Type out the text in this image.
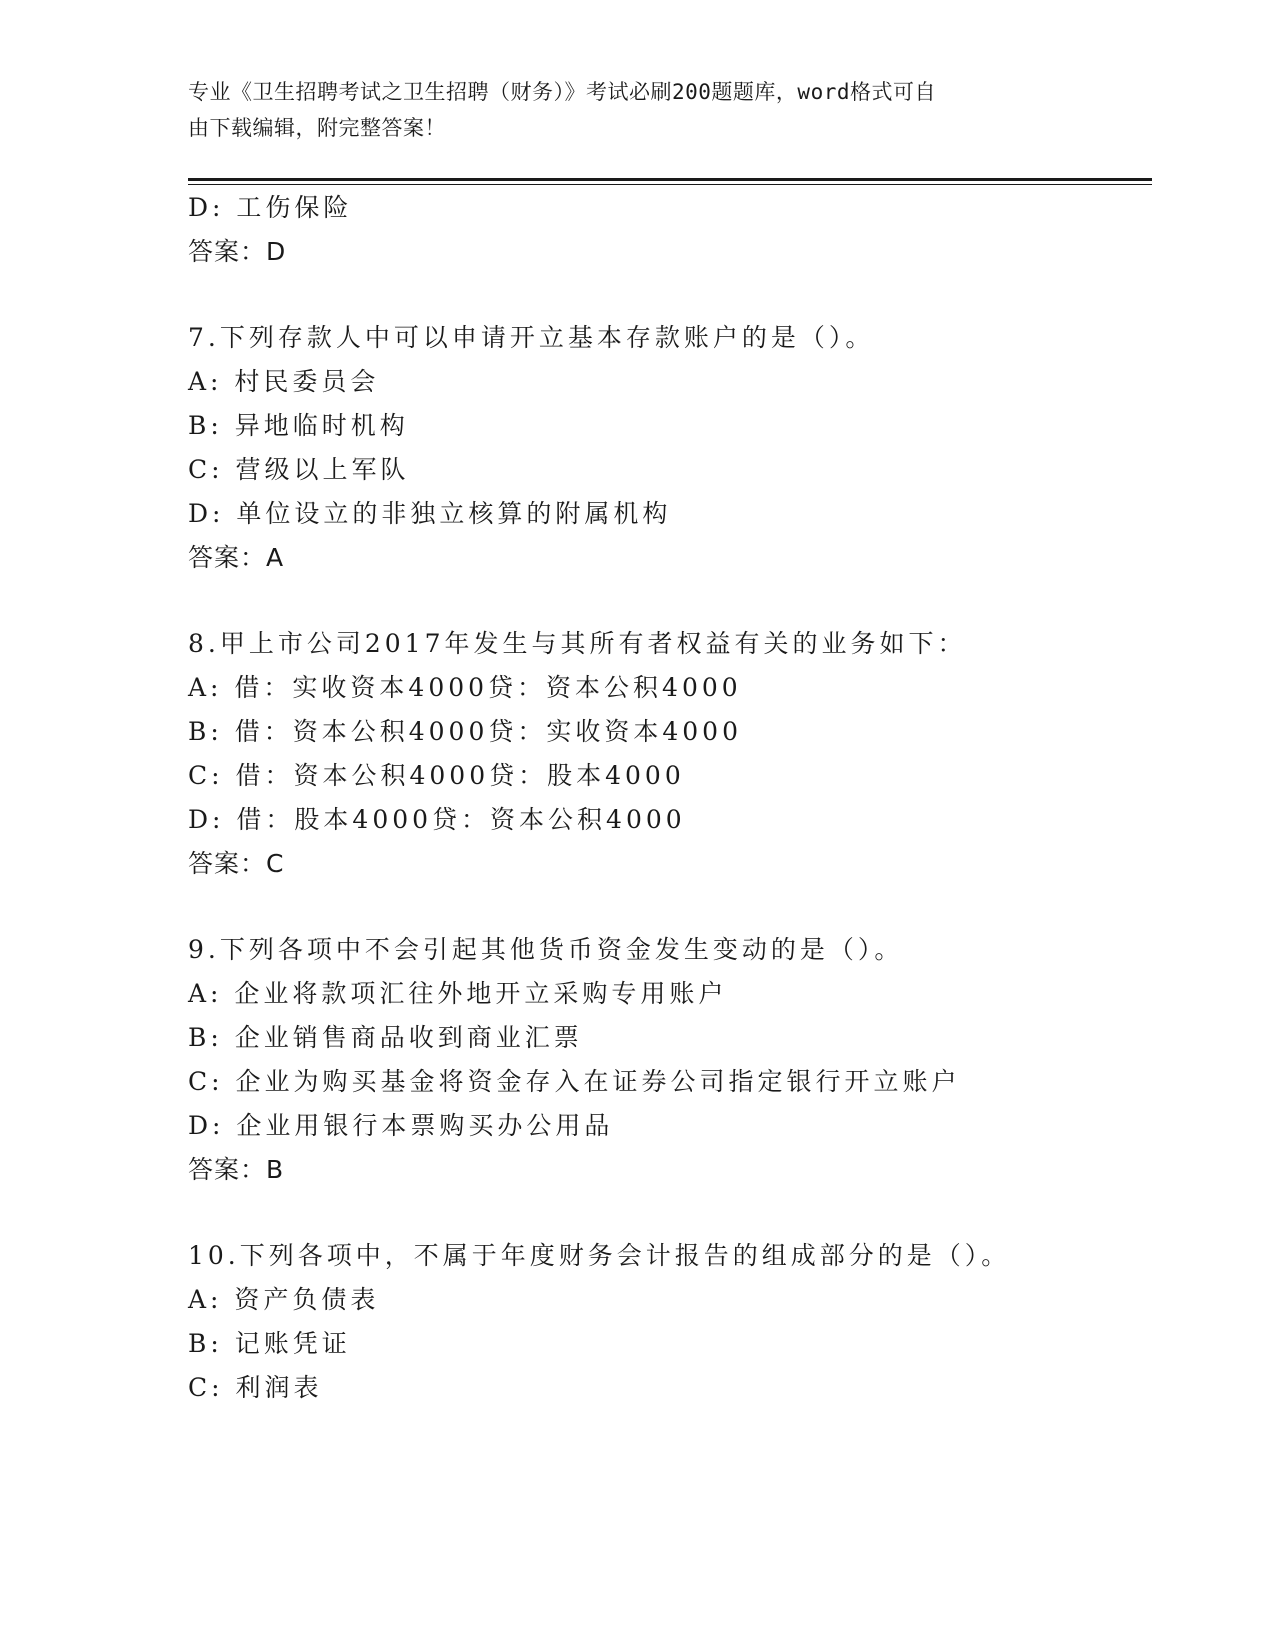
专业《卫生招聘考试之卫生招聘（财务）》考试必刷200题题库，word格式可自
由下载编辑，附完整答案！
D: 工伤保险
答案：D
7.下列存款人中可以申请开立基本存款账户的是（）。
A: 村民委员会
B: 异地临时机构
C: 营级以上军队
D: 单位设立的非独立核算的附属机构
答案：A
8.甲上市公司2017年发生与其所有者权益有关的业务如下：
A: 借：实收资本4000贷：资本公积4000
B: 借：资本公积4000贷：实收资本4000
C: 借：资本公积4000贷：股本4000
D: 借：股本4000贷：资本公积4000
答案：C
9.下列各项中不会引起其他货币资金发生变动的是（）。
A: 企业将款项汇往外地开立采购专用账户
B: 企业销售商品收到商业汇票
C: 企业为购买基金将资金存入在证券公司指定银行开立账户
D: 企业用银行本票购买办公用品
答案：B
10.下列各项中，不属于年度财务会计报告的组成部分的是（）。
A: 资产负债表
B: 记账凭证
C: 利润表
